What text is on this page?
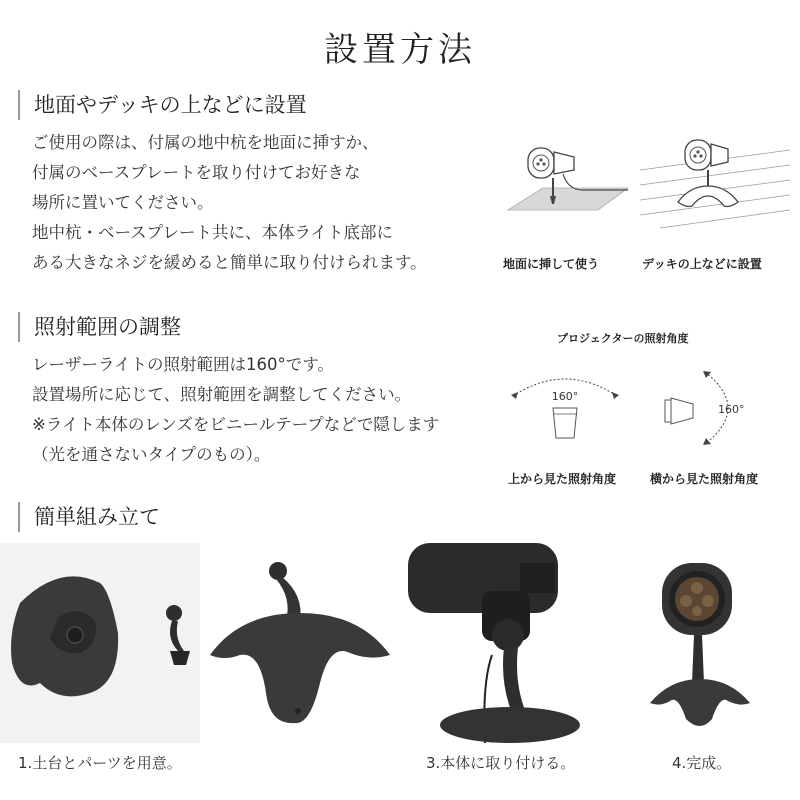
設置方法
地面やデッキの上などに設置
ご使用の際は、付属の地中杭を地面に挿すか、
付属のベースプレートを取り付けてお好きな
場所に置いてください。
地中杭・ベースプレート共に、本体ライト底部に
ある大きなネジを緩めると簡単に取り付けられます。	地面に挿して使う	デッキの上などに設置
照射範囲の調整
レーザーライトの照射範囲は160°です。
設置場所に応じて、照射範囲を調整してください。
※ライト本体のレンズをビニールテープなどで隠します
（光を通さないタイプのもの）。
プロジェクターの照射角度
160°
160°
上から見た照射角度	横から見た照射角度
簡単組み立て
1.土台とパーツを用意。	3.本体に取り付ける。	4.完成。
